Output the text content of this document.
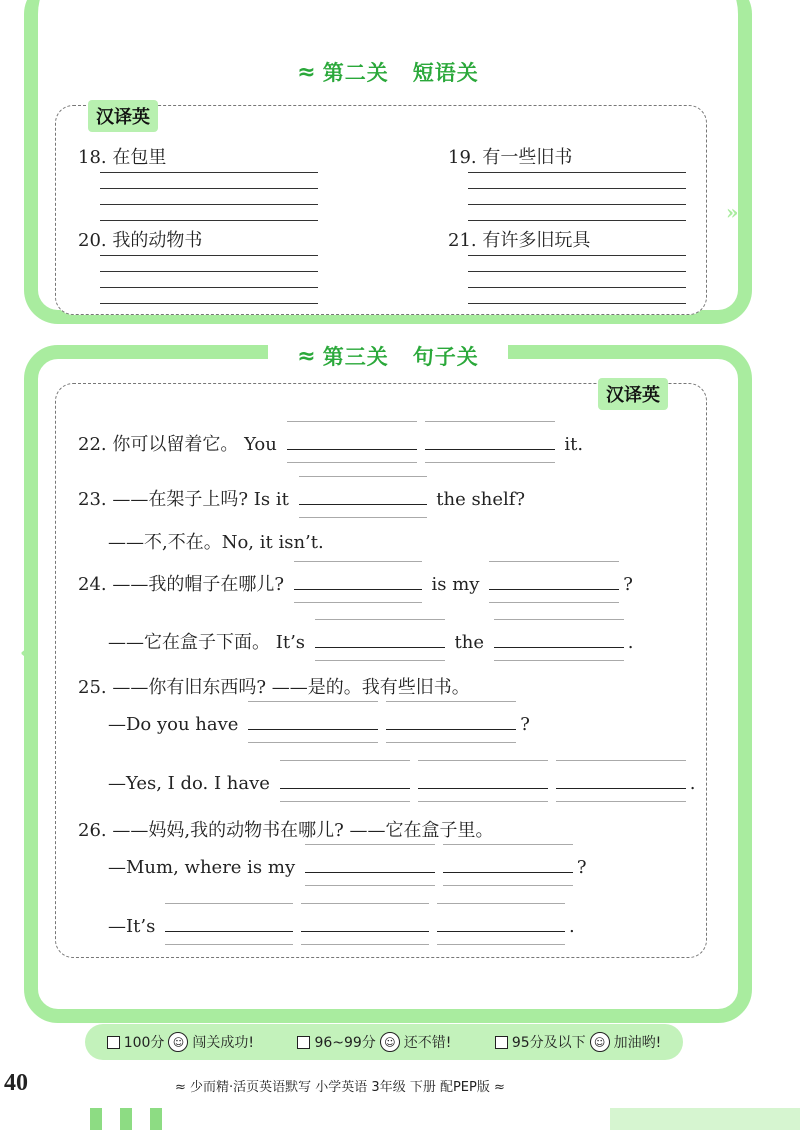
»
«
≈ 第二关 短语关
汉译英
18. 在包里	19. 有一些旧书
20. 我的动物书	21. 有许多旧玩具
≈ 第三关 句子关
汉译英
22. 你可以留着它。 You	it.
23. ——在架子上吗? Is it	the shelf?
——不,不在。No, it isn’t.
24. ——我的帽子在哪儿?	is my	?
——它在盒子下面。 It’s	the	.
25. ——你有旧东西吗? ——是的。我有些旧书。
—Do you have	?
—Yes, I do. I have	.
26. ——妈妈,我的动物书在哪儿? ——它在盒子里。
—Mum, where is my	?
—It’s	.
100分 ☺ 闯关成功!	96~99分 ☺ 还不错!	95分及以下 ☺ 加油哟!
40	≈ 少而精·活页英语默写 小学英语 3年级 下册 配PEP版 ≈
